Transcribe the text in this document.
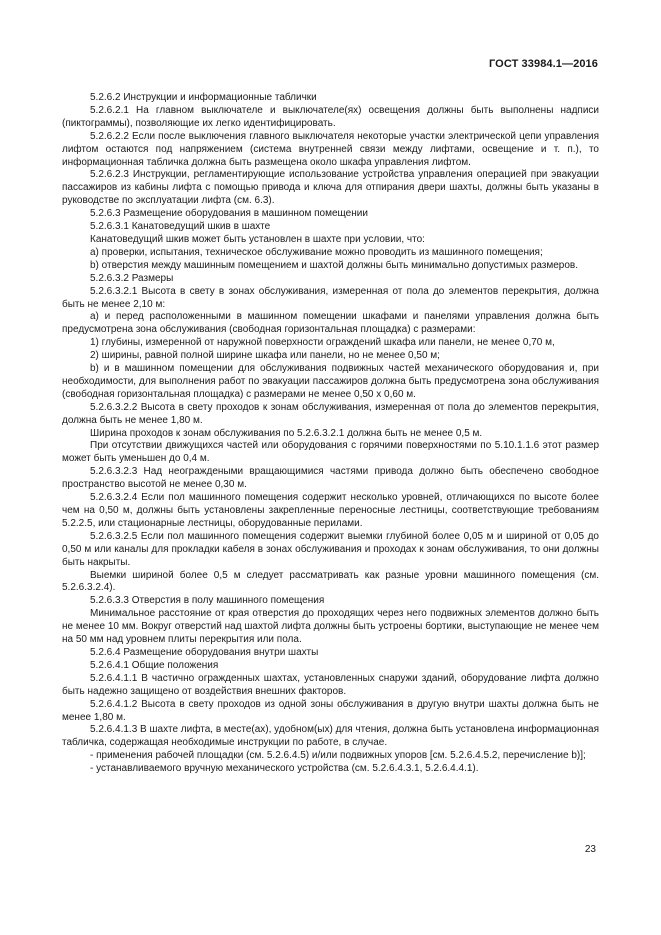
ГОСТ 33984.1—2016

5.2.6.2 Инструкции и информационные таблички

5.2.6.2.1 На главном выключателе и выключателе(ях) освещения должны быть выполнены надписи (пиктограммы), позволяющие их легко идентифицировать.

5.2.6.2.2 Если после выключения главного выключателя некоторые участки электрической цепи управления лифтом остаются под напряжением (система внутренней связи между лифтами, освещение и т. п.), то информационная табличка должна быть размещена около шкафа управления лифтом.

5.2.6.2.3 Инструкции, регламентирующие использование устройства управления операцией при эвакуации пассажиров из кабины лифта с помощью привода и ключа для отпирания двери шахты, должны быть указаны в руководстве по эксплуатации лифта (см. 6.3).

5.2.6.3 Размещение оборудования в машинном помещении

5.2.6.3.1 Канатоведущий шкив в шахте

Канатоведущий шкив может быть установлен в шахте при условии, что:

a) проверки, испытания, техническое обслуживание можно проводить из машинного помещения;

b) отверстия между машинным помещением и шахтой должны быть минимально допустимых размеров.

5.2.6.3.2 Размеры

5.2.6.3.2.1 Высота в свету в зонах обслуживания, измеренная от пола до элементов перекрытия, должна быть не менее 2,10 м:

a) и перед расположенными в машинном помещении шкафами и панелями управления должна быть предусмотрена зона обслуживания (свободная горизонтальная площадка) с размерами:

1) глубины, измеренной от наружной поверхности ограждений шкафа или панели, не менее 0,70 м,

2) ширины, равной полной ширине шкафа или панели, но не менее 0,50 м;

b) и в машинном помещении для обслуживания подвижных частей механического оборудования и, при необходимости, для выполнения работ по эвакуации пассажиров должна быть предусмотрена зона обслуживания (свободная горизонтальная площадка) с размерами не менее 0,50 x 0,60 м.

5.2.6.3.2.2 Высота в свету проходов к зонам обслуживания, измеренная от пола до элементов перекрытия, должна быть не менее 1,80 м.

Ширина проходов к зонам обслуживания по 5.2.6.3.2.1 должна быть не менее 0,5 м.

При отсутствии движущихся частей или оборудования с горячими поверхностями по 5.10.1.1.6 этот размер может быть уменьшен до 0,4 м.

5.2.6.3.2.3 Над неограждеными вращающимися частями привода должно быть обеспечено свободное пространство высотой не менее 0,30 м.

5.2.6.3.2.4 Если пол машинного помещения содержит несколько уровней, отличающихся по высоте более чем на 0,50 м, должны быть установлены закрепленные переносные лестницы, соответствующие требованиям 5.2.2.5, или стационарные лестницы, оборудованные перилами.

5.2.6.3.2.5 Если пол машинного помещения содержит выемки глубиной более 0,05 м и шириной от 0,05 до 0,50 м или каналы для прокладки кабеля в зонах обслуживания и проходах к зонам обслуживания, то они должны быть накрыты.

Выемки шириной более 0,5 м следует рассматривать как разные уровни машинного помещения (см. 5.2.6.3.2.4).

5.2.6.3.3 Отверстия в полу машинного помещения

Минимальное расстояние от края отверстия до проходящих через него подвижных элементов должно быть не менее 10 мм. Вокруг отверстий над шахтой лифта должны быть устроены бортики, выступающие не менее чем на 50 мм над уровнем плиты перекрытия или пола.

5.2.6.4 Размещение оборудования внутри шахты

5.2.6.4.1 Общие положения

5.2.6.4.1.1 В частично огражденных шахтах, установленных снаружи зданий, оборудование лифта должно быть надежно защищено от воздействия внешних факторов.

5.2.6.4.1.2 Высота в свету проходов из одной зоны обслуживания в другую внутри шахты должна быть не менее 1,80 м.

5.2.6.4.1.3 В шахте лифта, в месте(ах), удобном(ых) для чтения, должна быть установлена информационная табличка, содержащая необходимые инструкции по работе, в случае.

- применения рабочей площадки (см. 5.2.6.4.5) и/или подвижных упоров [см. 5.2.6.4.5.2, перечисление b)];

- устанавливаемого вручную механического устройства (см. 5.2.6.4.3.1, 5.2.6.4.4.1).

23
